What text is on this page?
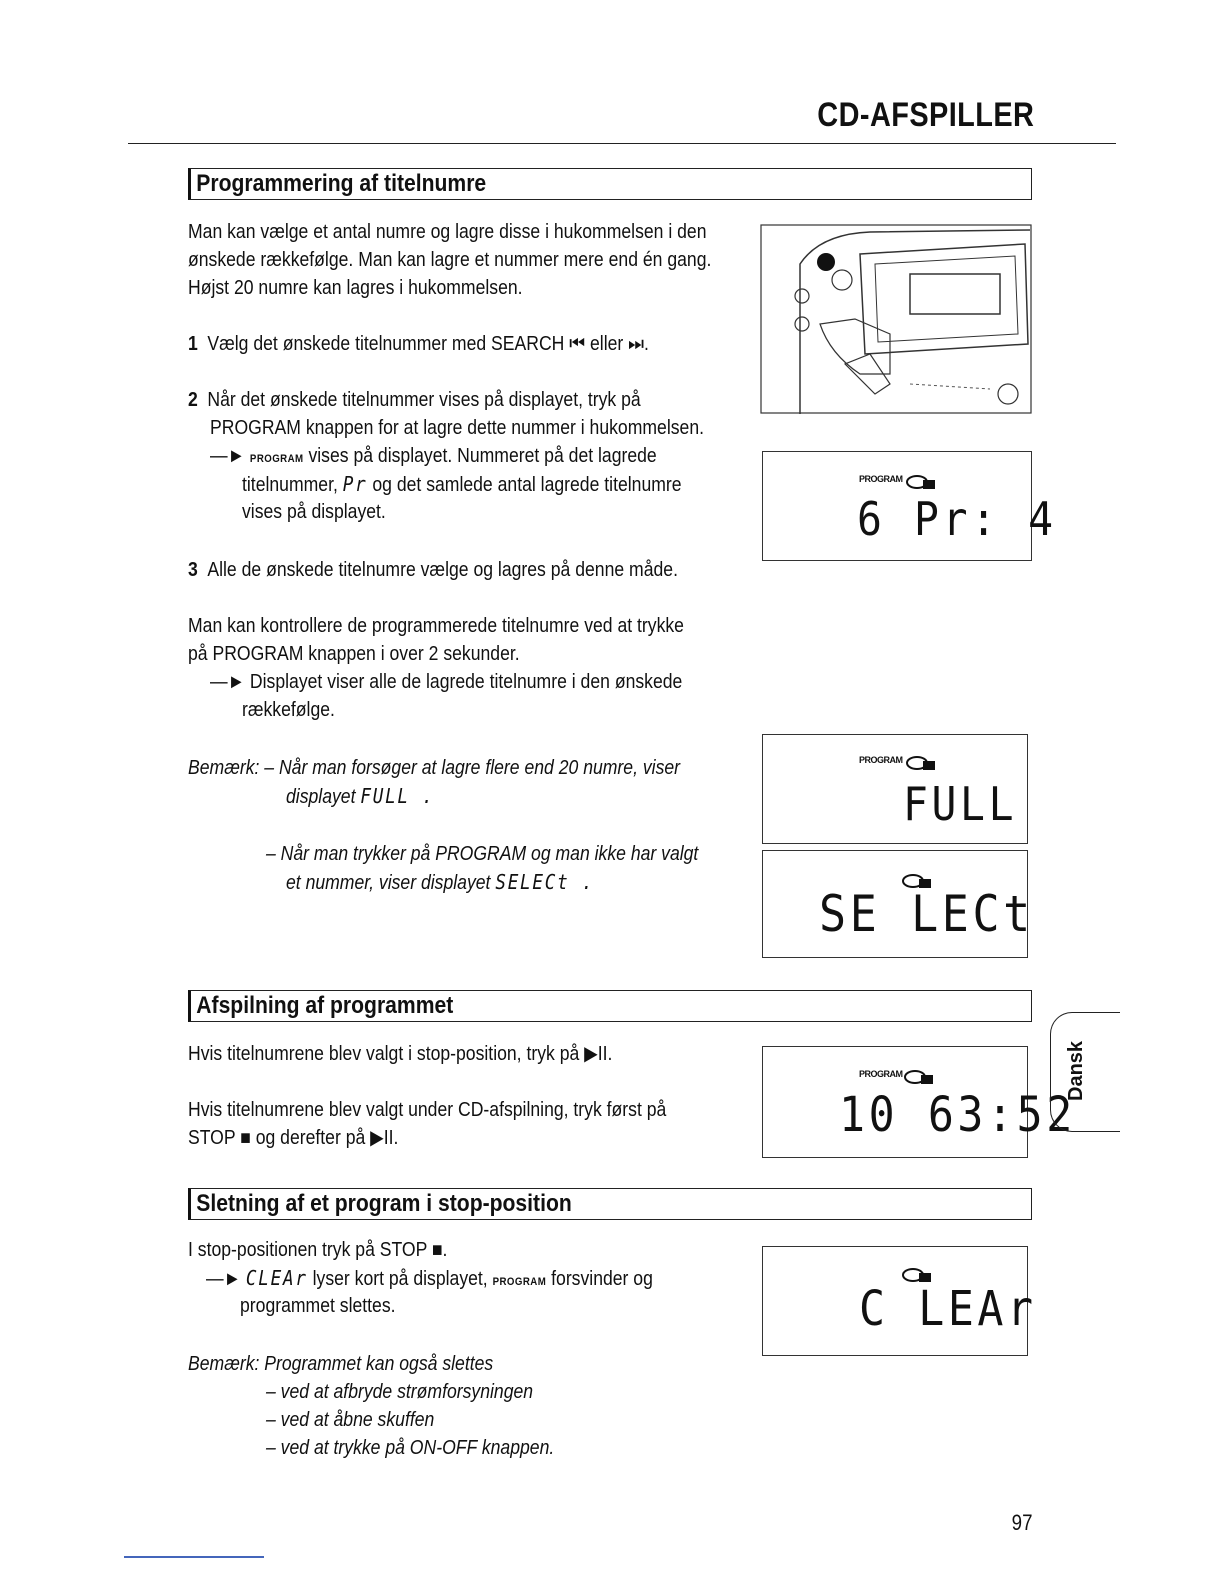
CD-AFSPILLER
Programmering af titelnumre
Man kan vælge et antal numre og lagre disse i hukommelsen i den
ønskede rækkefølge. Man kan lagre et nummer mere end én gang.
Højst 20 numre kan lagres i hukommelsen.
1 Vælg det ønskede titelnummer med SEARCH ⏮ eller ⏭.
2 Når det ønskede titelnummer vises på displayet, tryk på
PROGRAM knappen for at lagre dette nummer i hukommelsen.
—► PROGRAM vises på displayet. Nummeret på det lagrede
titelnummer, Pr og det samlede antal lagrede titelnumre
vises på displayet.
3 Alle de ønskede titelnumre vælge og lagres på denne måde.
Man kan kontrollere de programmerede titelnumre ved at trykke
på PROGRAM knappen i over 2 sekunder.
—► Displayet viser alle de lagrede titelnumre i den ønskede
rækkefølge.
Bemærk: – Når man forsøger at lagre flere end 20 numre, viser
displayet FULL .
– Når man trykker på PROGRAM og man ikke har valgt
et nummer, viser displayet SELECt .
PROGRAM
6 Pr: 4
PROGRAM
FULL
SE LECt
Afspilning af programmet
Hvis titelnumrene blev valgt i stop-position, tryk på ▶II.
Hvis titelnumrene blev valgt under CD-afspilning, tryk først på
STOP ■ og derefter på ▶II.
PROGRAM
10 63:52
Dansk
Sletning af et program i stop-position
I stop-positionen tryk på STOP ■.
—► CLEAr lyser kort på displayet, PROGRAM forsvinder og
programmet slettes.
Bemærk: Programmet kan også slettes
– ved at afbryde strømforsyningen
– ved at åbne skuffen
– ved at trykke på ON-OFF knappen.
C LEAr
97
